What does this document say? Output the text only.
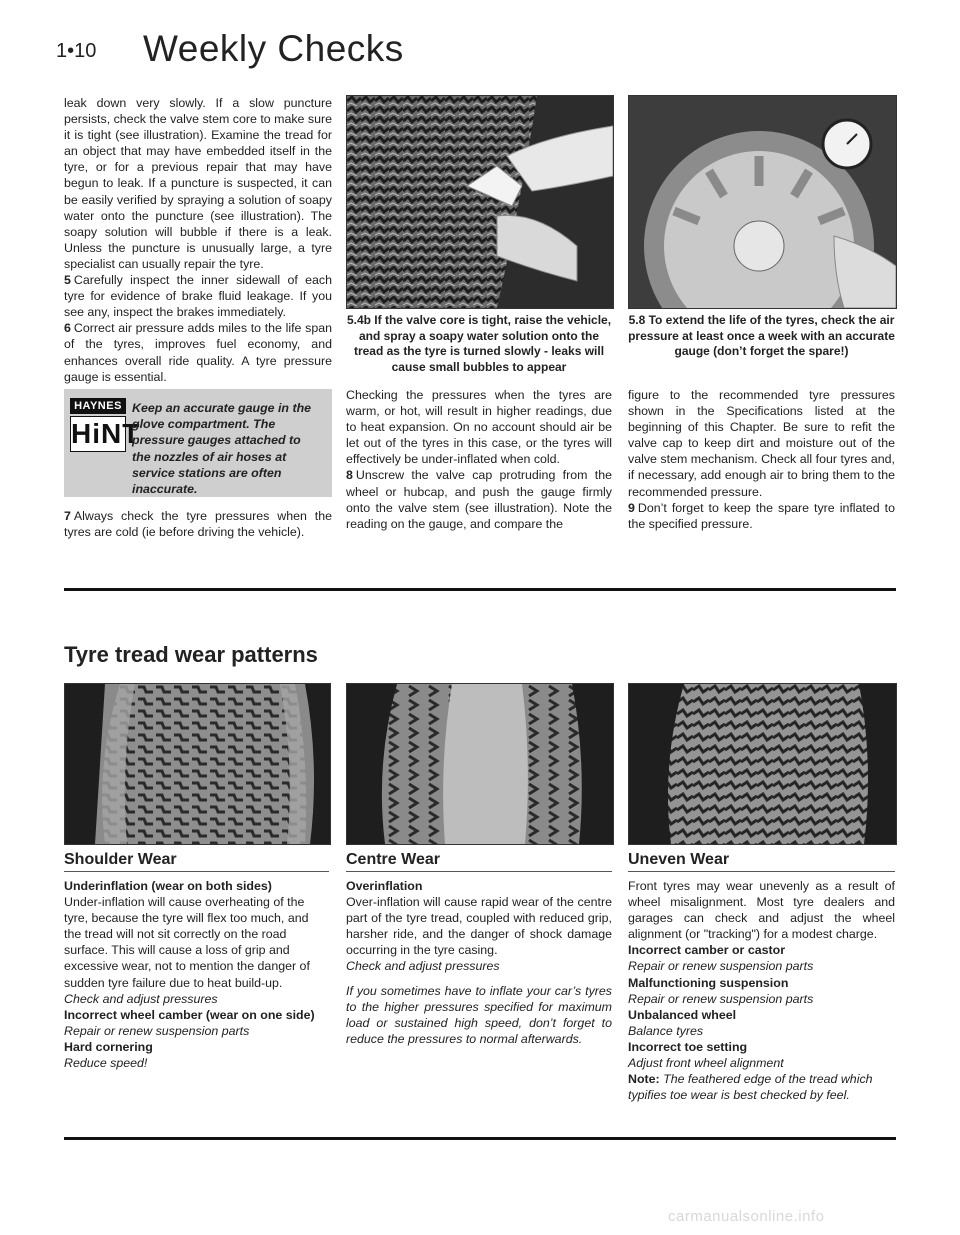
1•10 Weekly Checks

leak down very slowly. If a slow puncture persists, check the valve stem core to make sure it is tight (see illustration). Examine the tread for an object that may have embedded itself in the tyre, or for a previous repair that may have begun to leak. If a puncture is suspected, it can be easily verified by spraying a solution of soapy water onto the puncture (see illustration). The soapy solution will bubble if there is a leak. Unless the puncture is unusually large, a tyre specialist can usually repair the tyre.

5 Carefully inspect the inner sidewall of each tyre for evidence of brake fluid leakage. If you see any, inspect the brakes immediately.

6 Correct air pressure adds miles to the life span of the tyres, improves fuel economy, and enhances overall ride quality. A tyre pressure gauge is essential.

HAYNES
HiNT
Keep an accurate gauge in the glove compartment. The pressure gauges attached to the nozzles of air hoses at service stations are often inaccurate.

7 Always check the tyre pressures when the tyres are cold (ie before driving the vehicle).

5.4b If the valve core is tight, raise the vehicle, and spray a soapy water solution onto the tread as the tyre is turned slowly - leaks will cause small bubbles to appear
5.8 To extend the life of the tyres, check the air pressure at least once a week with an accurate gauge (don’t forget the spare!)

Checking the pressures when the tyres are warm, or hot, will result in higher readings, due to heat expansion. On no account should air be let out of the tyres in this case, or the tyres will effectively be under-inflated when cold.

8 Unscrew the valve cap protruding from the wheel or hubcap, and push the gauge firmly onto the valve stem (see illustration). Note the reading on the gauge, and compare the

figure to the recommended tyre pressures shown in the Specifications listed at the beginning of this Chapter. Be sure to refit the valve cap to keep dirt and moisture out of the valve stem mechanism. Check all four tyres and, if necessary, add enough air to bring them to the recommended pressure.

9 Don’t forget to keep the spare tyre inflated to the specified pressure.

Tyre tread wear patterns
Shoulder Wear

Underinflation (wear on both sides)

Under-inflation will cause overheating of the tyre, because the tyre will flex too much, and the tread will not sit correctly on the road surface. This will cause a loss of grip and excessive wear, not to mention the danger of sudden tyre failure due to heat build-up.

Check and adjust pressures

Incorrect wheel camber (wear on one side)

Repair or renew suspension parts

Hard cornering

Reduce speed!

Centre Wear

Overinflation

Over-inflation will cause rapid wear of the centre part of the tyre tread, coupled with reduced grip, harsher ride, and the danger of shock damage occurring in the tyre casing.

Check and adjust pressures

If you sometimes have to inflate your car’s tyres to the higher pressures specified for maximum load or sustained high speed, don’t forget to reduce the pressures to normal afterwards.

Uneven Wear

Front tyres may wear unevenly as a result of wheel misalignment. Most tyre dealers and garages can check and adjust the wheel alignment (or "tracking") for a modest charge.

Incorrect camber or castor

Repair or renew suspension parts

Malfunctioning suspension

Repair or renew suspension parts

Unbalanced wheel

Balance tyres

Incorrect toe setting

Adjust front wheel alignment

Note: The feathered edge of the tread which typifies toe wear is best checked by feel.

carmanualsonline.info
